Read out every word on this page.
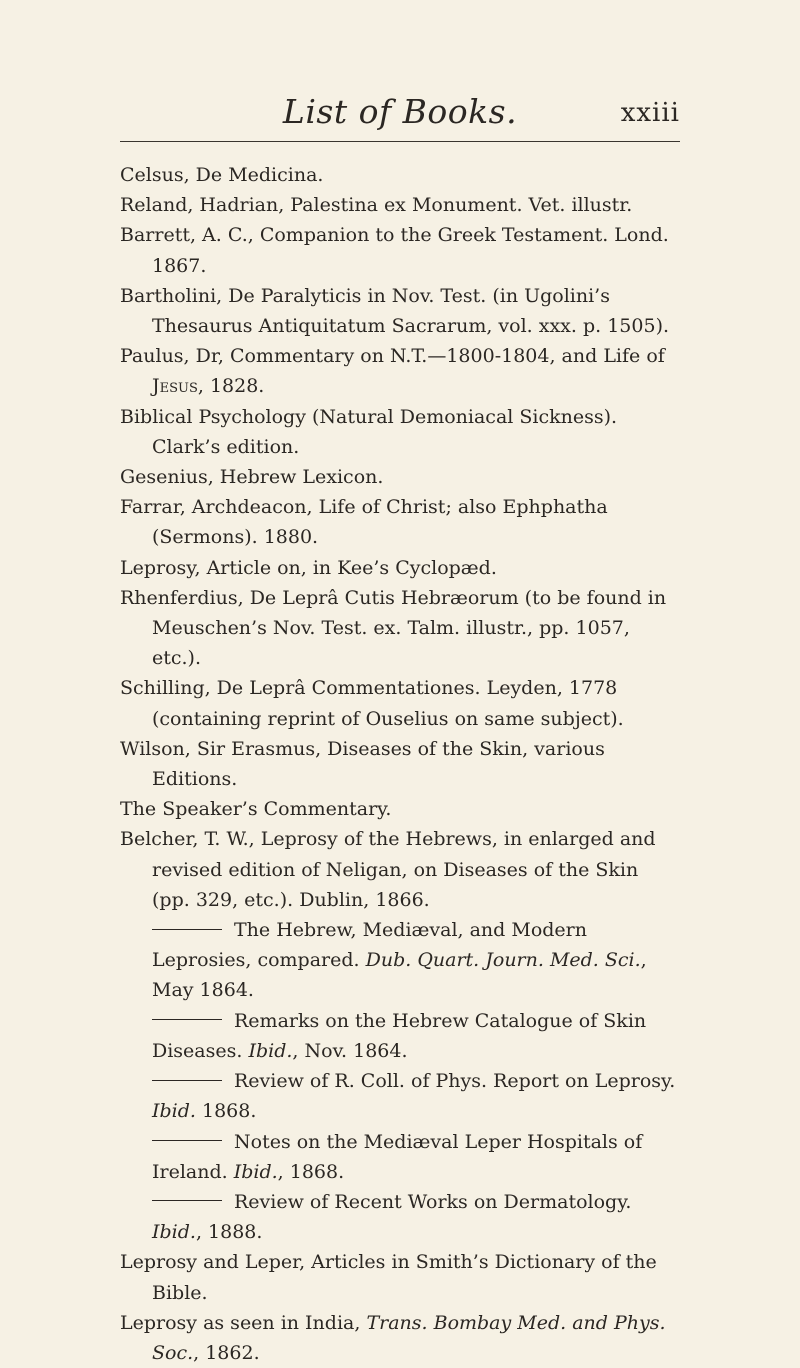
List of Books.	xxiii
Celsus, De Medicina.
Reland, Hadrian, Palestina ex Monument. Vet. illustr.
Barrett, A. C., Companion to the Greek Testament. Lond. 1867.
Bartholini, De Paralyticis in Nov. Test. (in Ugolini’s Thesaurus Antiquitatum Sacrarum, vol. xxx. p. 1505).
Paulus, Dr, Commentary on N.T.—1800-1804, and Life of Jesus, 1828.
Biblical Psychology (Natural Demoniacal Sickness). Clark’s edition.
Gesenius, Hebrew Lexicon.
Farrar, Archdeacon, Life of Christ; also Ephphatha (Sermons). 1880.
Leprosy, Article on, in Kee’s Cyclopæd.
Rhenferdius, De Leprâ Cutis Hebræorum (to be found in Meuschen’s Nov. Test. ex. Talm. illustr., pp. 1057, etc.).
Schilling, De Leprâ Commentationes. Leyden, 1778 (containing reprint of Ouselius on same subject).
Wilson, Sir Erasmus, Diseases of the Skin, various Editions.
The Speaker’s Commentary.
Belcher, T. W., Leprosy of the Hebrews, in enlarged and revised edition of Neligan, on Diseases of the Skin (pp. 329, etc.). Dublin, 1866.
The Hebrew, Mediæval, and Modern Leprosies, compared. Dub. Quart. Journ. Med. Sci., May 1864.
Remarks on the Hebrew Catalogue of Skin Diseases. Ibid., Nov. 1864.
Review of R. Coll. of Phys. Report on Leprosy. Ibid. 1868.
Notes on the Mediæval Leper Hospitals of Ireland. Ibid., 1868.
Review of Recent Works on Dermatology. Ibid., 1888.
Leprosy and Leper, Articles in Smith’s Dictionary of the Bible.
Leprosy as seen in India, Trans. Bombay Med. and Phys. Soc., 1862.
